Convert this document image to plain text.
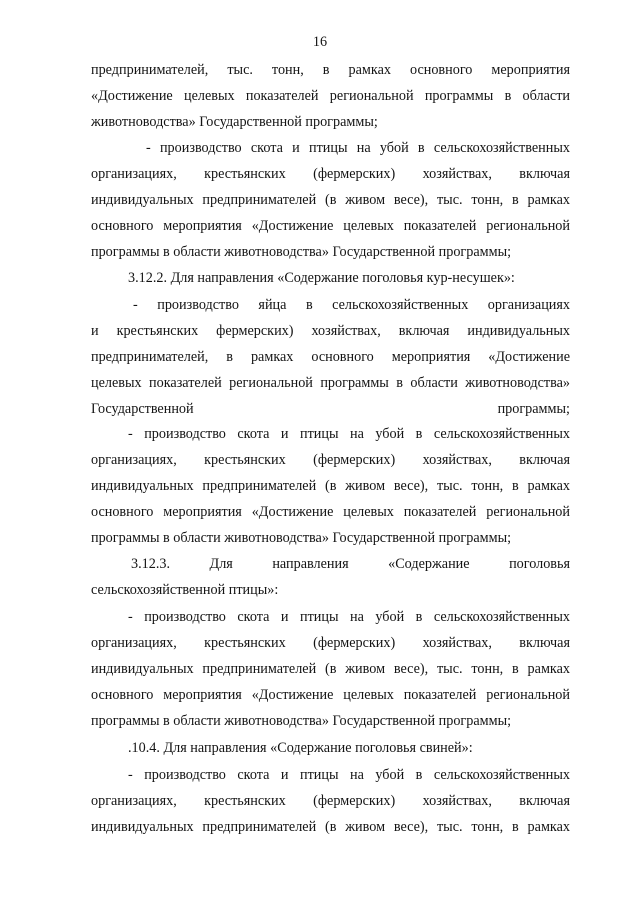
16
предпринимателей, тыс. тонн, в рамках основного мероприятия
«Достижение целевых показателей региональной программы в области
животноводства» Государственной программы;
- производство скота и птицы на убой в сельскохозяйственных
организациях, крестьянских (фермерских) хозяйствах, включая
индивидуальных предпринимателей (в живом весе), тыс. тонн, в рамках
основного мероприятия «Достижение целевых показателей региональной
программы в области животноводства» Государственной программы;
3.12.2. Для направления «Содержание поголовья кур-несушек»:
- производство яйца в сельскохозяйственных организациях
и крестьянских фермерских) хозяйствах, включая индивидуальных
предпринимателей, в рамках основного мероприятия «Достижение
целевых показателей региональной программы в области животноводства»
Государственной программы;
- производство скота и птицы на убой в сельскохозяйственных
организациях, крестьянских (фермерских) хозяйствах, включая
индивидуальных предпринимателей (в живом весе), тыс. тонн, в рамках
основного мероприятия «Достижение целевых показателей региональной
программы в области животноводства» Государственной программы;
3.12.3. Для направления «Содержание поголовья
сельскохозяйственной птицы»:
- производство скота и птицы на убой в сельскохозяйственных
организациях, крестьянских (фермерских) хозяйствах, включая
индивидуальных предпринимателей (в живом весе), тыс. тонн, в рамках
основного мероприятия «Достижение целевых показателей региональной
программы в области животноводства» Государственной программы;
.10.4. Для направления «Содержание поголовья свиней»:
- производство скота и птицы на убой в сельскохозяйственных
организациях, крестьянских (фермерских) хозяйствах, включая
индивидуальных предпринимателей (в живом весе), тыс. тонн, в рамках
